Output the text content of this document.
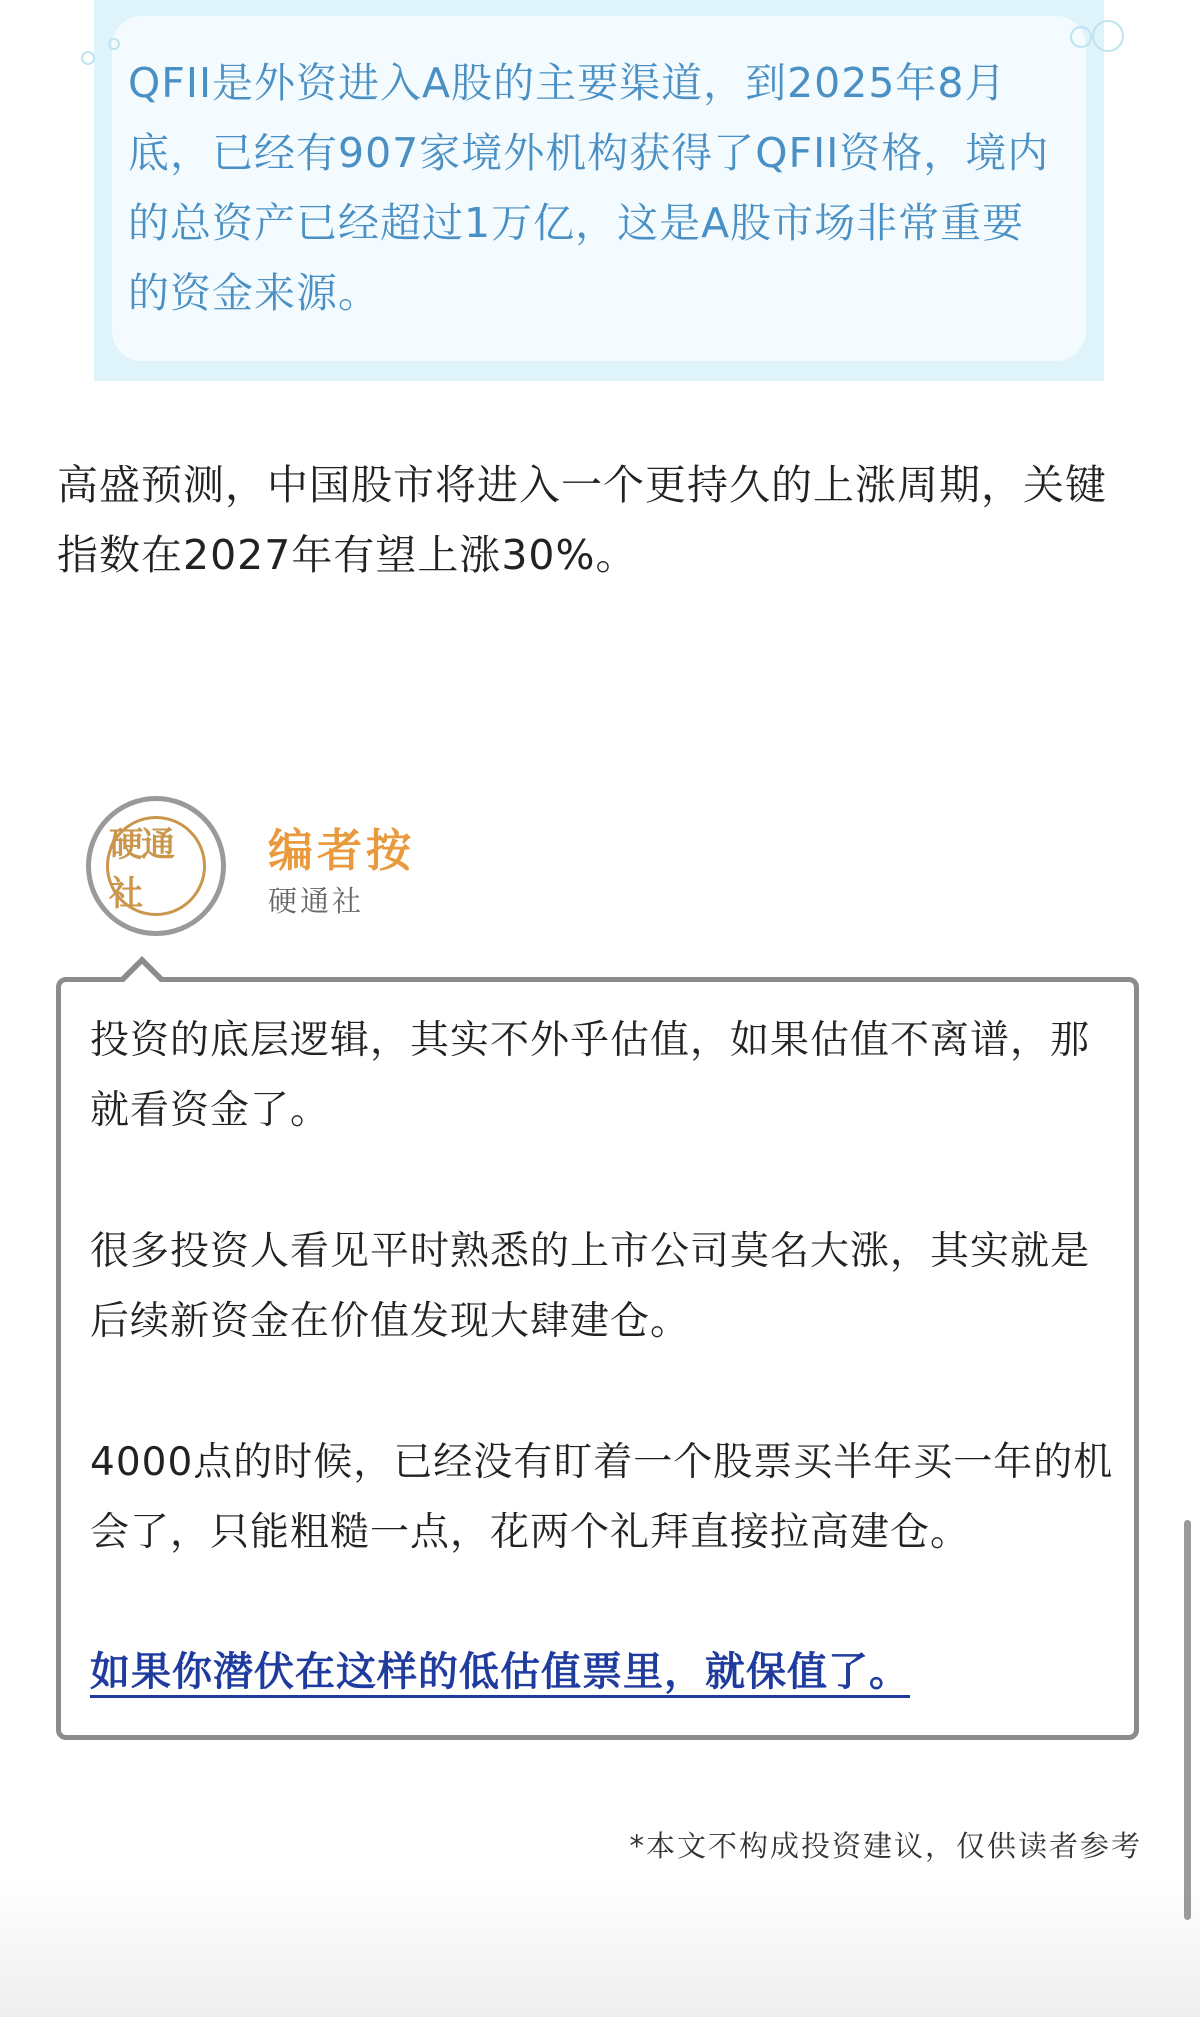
QFII是外资进入A股的主要渠道，到2025年8月底，已经有907家境外机构获得了QFII资格，境内的总资产已经超过1万亿，这是A股市场非常重要的资金来源。

高盛预测，中国股市将进入一个更持久的上涨周期，关键指数在2027年有望上涨30%。

硬通社
编者按
硬通社

投资的底层逻辑，其实不外乎估值，如果估值不离谱，那就看资金了。

很多投资人看见平时熟悉的上市公司莫名大涨，其实就是后续新资金在价值发现大肆建仓。

4000点的时候，已经没有盯着一个股票买半年买一年的机会了，只能粗糙一点，花两个礼拜直接拉高建仓。

如果你潜伏在这样的低估值票里，就保值了。
*本文不构成投资建议，仅供读者参考
